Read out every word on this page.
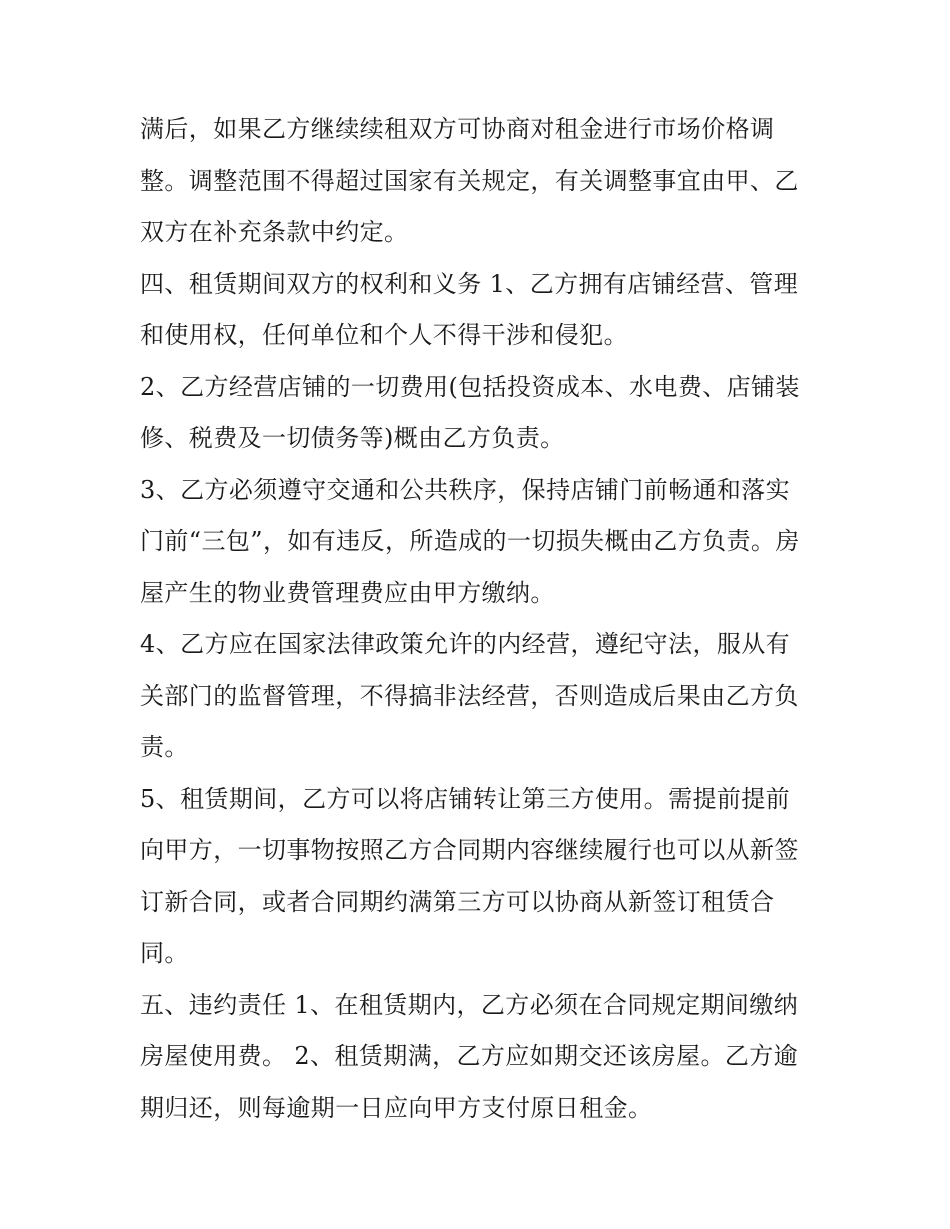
满后，如果乙方继续续租双方可协商对租金进行市场价格调
整。调整范围不得超过国家有关规定，有关调整事宜由甲、乙
双方在补充条款中约定。
四、租赁期间双方的权利和义务 1、乙方拥有店铺经营、管理
和使用权，任何单位和个人不得干涉和侵犯。
2、乙方经营店铺的一切费用(包括投资成本、水电费、店铺装
修、税费及一切债务等)概由乙方负责。
3、乙方必须遵守交通和公共秩序，保持店铺门前畅通和落实
门前“三包”，如有违反，所造成的一切损失概由乙方负责。房
屋产生的物业费管理费应由甲方缴纳。
4、乙方应在国家法律政策允许的内经营，遵纪守法，服从有
关部门的监督管理，不得搞非法经营，否则造成后果由乙方负
责。
5、租赁期间，乙方可以将店铺转让第三方使用。需提前提前
向甲方，一切事物按照乙方合同期内容继续履行也可以从新签
订新合同，或者合同期约满第三方可以协商从新签订租赁合
同。
五、违约责任 1、在租赁期内，乙方必须在合同规定期间缴纳
房屋使用费。 2、租赁期满，乙方应如期交还该房屋。乙方逾
期归还，则每逾期一日应向甲方支付原日租金。
